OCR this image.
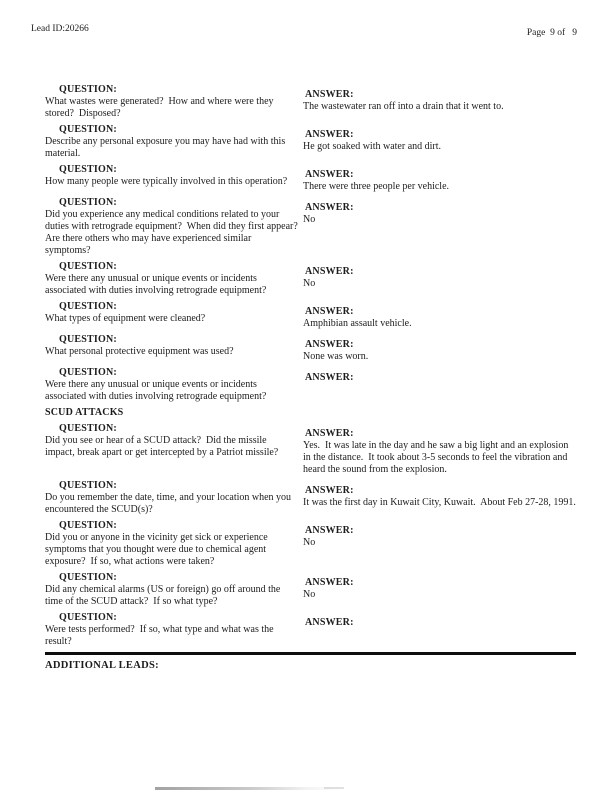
Lead ID:20266	Page  9 of   9
QUESTION:
What wastes were generated?  How and where were they stored?  Disposed?
ANSWER:
The wastewater ran off into a drain that it went to.
QUESTION:
Describe any personal exposure you may have had with this material.
ANSWER:
He got soaked with water and dirt.
QUESTION:
How many people were typically involved in this operation?
ANSWER:
There were three people per vehicle.
QUESTION:
Did you experience any medical conditions related to your duties with retrograde equipment?  When did they first appear?  Are there others who may have experienced similar symptoms?
ANSWER:
No
QUESTION:
Were there any unusual or unique events or incidents associated with duties involving retrograde equipment?
ANSWER:
No
QUESTION:
What types of equipment were cleaned?
ANSWER:
Amphibian assault vehicle.
QUESTION:
What personal protective equipment was used?
ANSWER:
None was worn.
QUESTION:
Were there any unusual or unique events or incidents associated with duties involving retrograde equipment?
ANSWER:
SCUD ATTACKS
QUESTION:
Did you see or hear of a SCUD attack?  Did the missile impact, break apart or get intercepted by a Patriot missile?
ANSWER:
Yes.  It was late in the day and he saw a big light and an explosion in the distance.  It took about 3-5 seconds to feel the vibration and heard the sound from the explosion.
QUESTION:
Do you remember the date, time, and your location when you encountered the SCUD(s)?
ANSWER:
It was the first day in Kuwait City, Kuwait.  About Feb 27-28, 1991.
QUESTION:
Did you or anyone in the vicinity get sick or experience symptoms that you thought were due to chemical agent exposure?  If so, what actions were taken?
ANSWER:
No
QUESTION:
Did any chemical alarms (US or foreign) go off around the time of the SCUD attack?  If so what type?
ANSWER:
No
QUESTION:
Were tests performed?  If so, what type and what was the result?
ANSWER:
ADDITIONAL LEADS:
